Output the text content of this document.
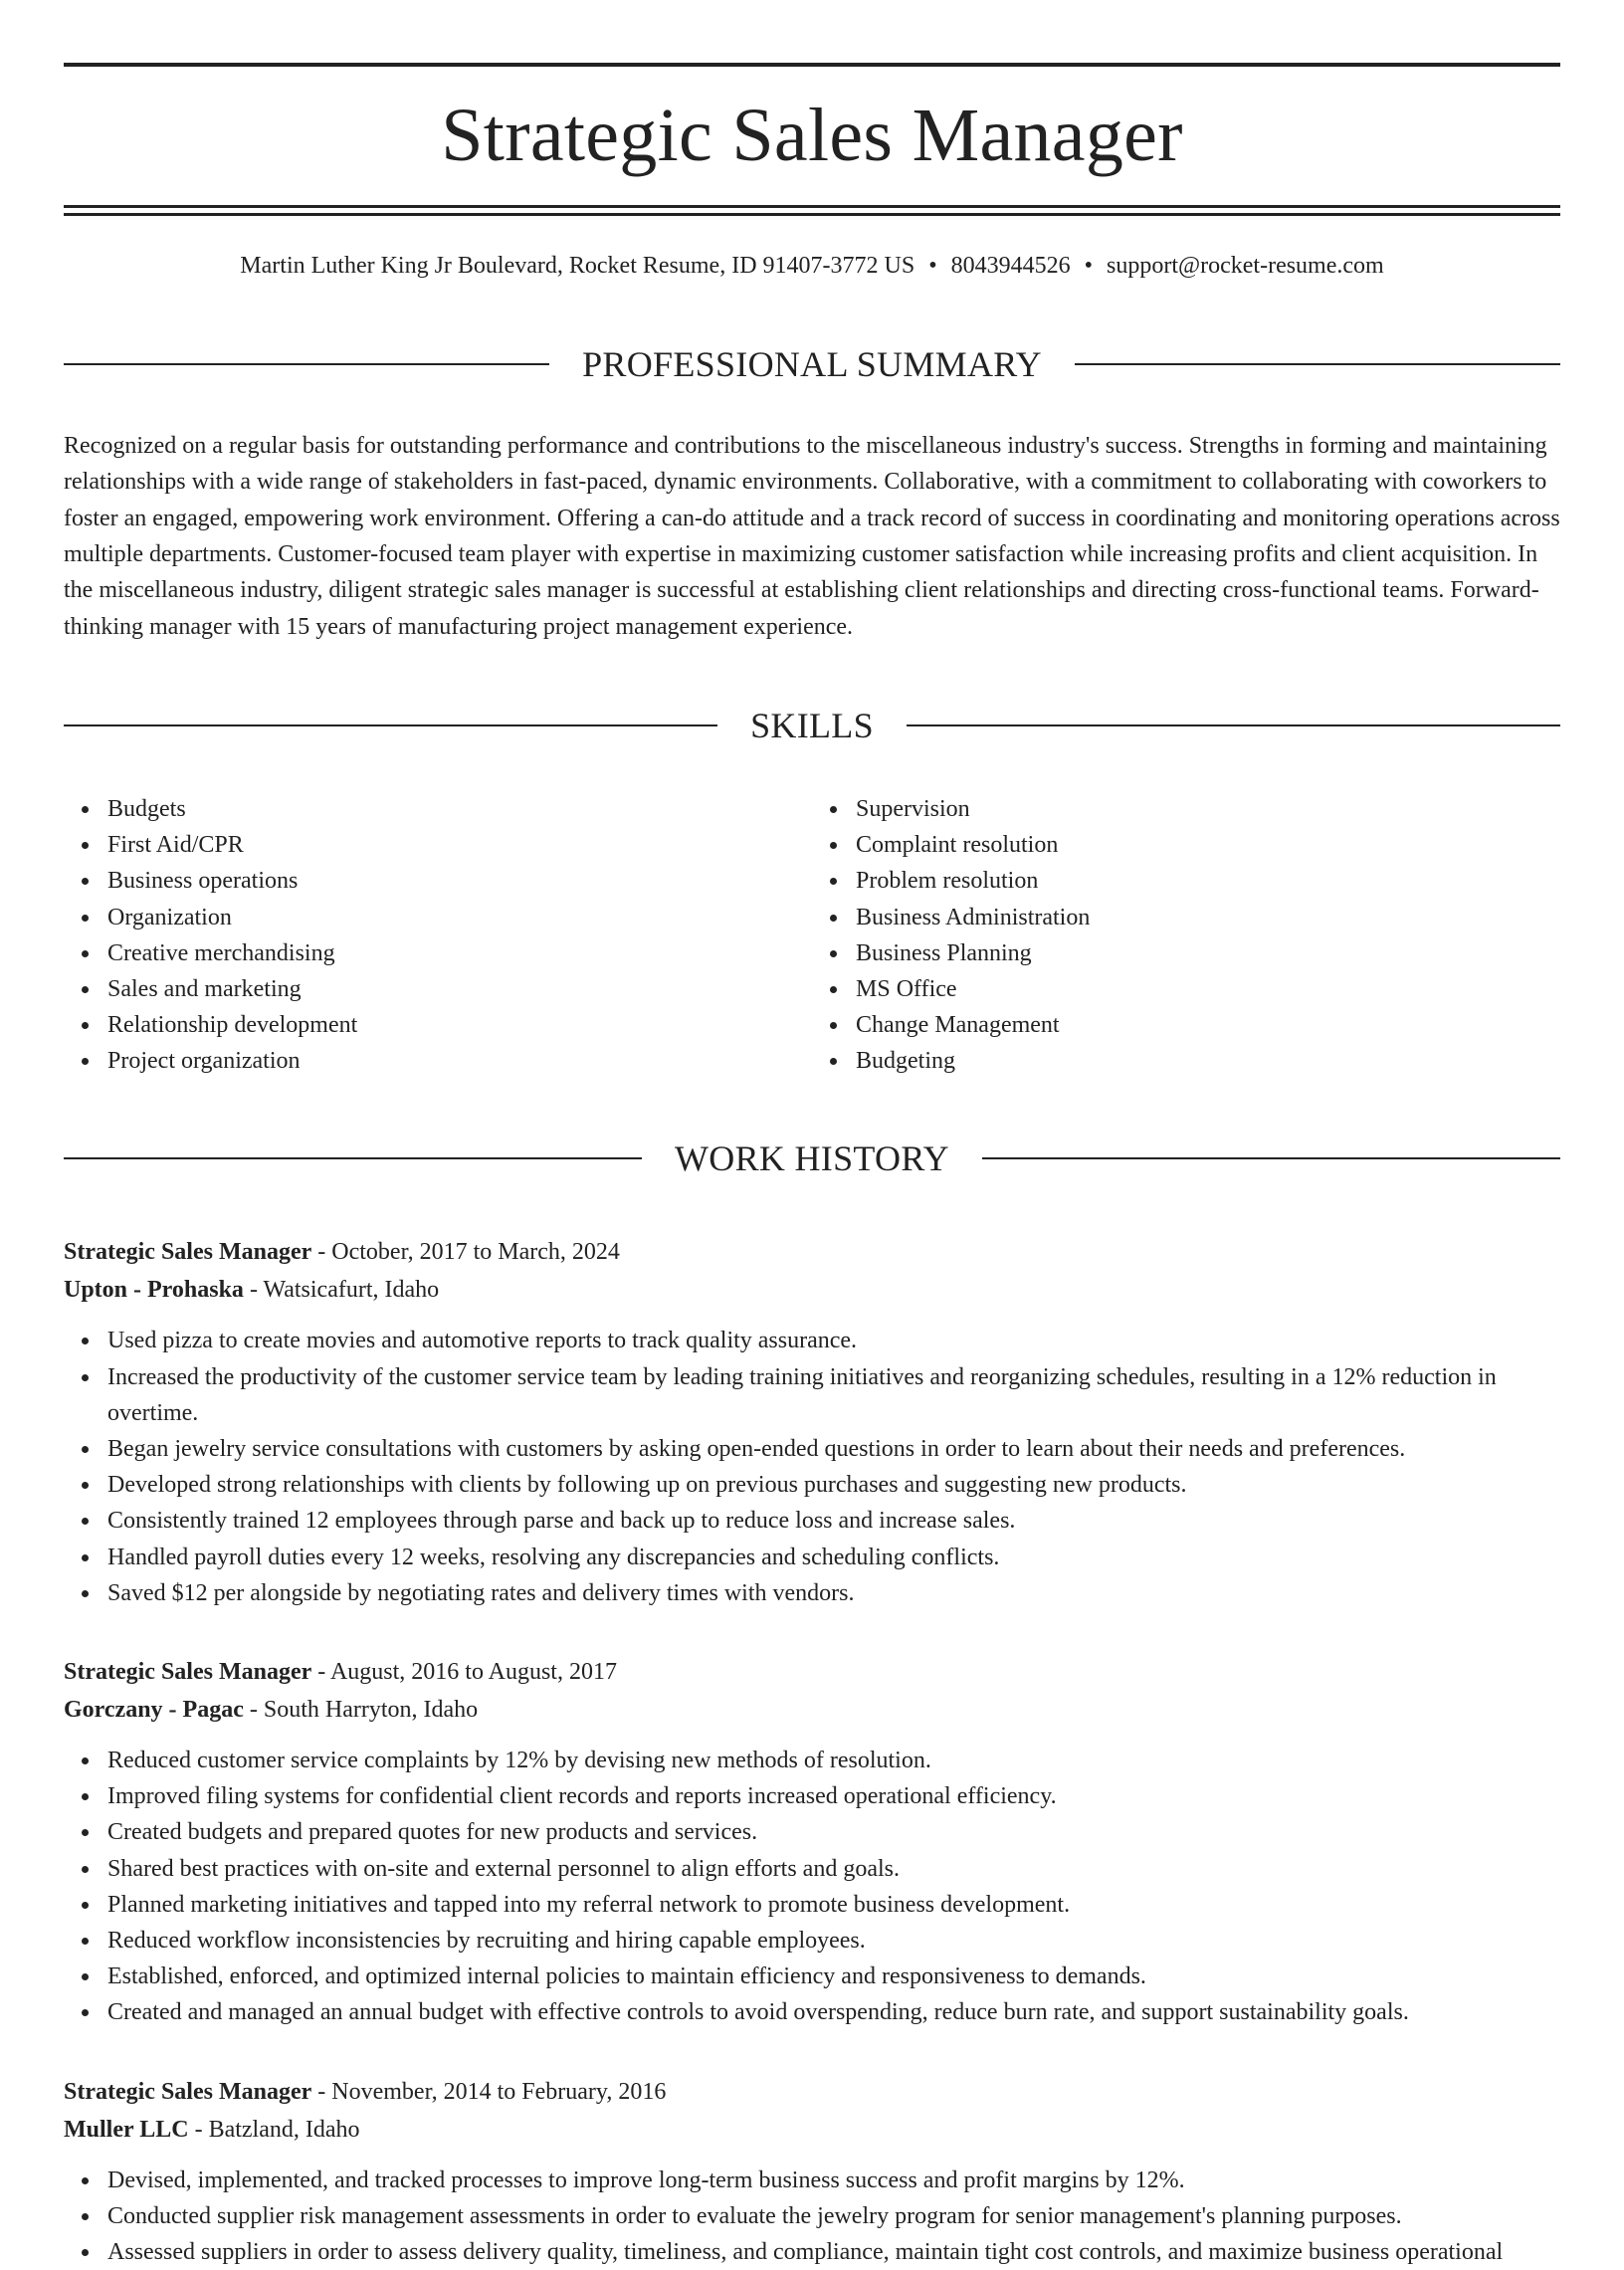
Strategic Sales Manager
Martin Luther King Jr Boulevard, Rocket Resume, ID 91407-3772 US • 8043944526 • support@rocket-resume.com
PROFESSIONAL SUMMARY

Recognized on a regular basis for outstanding performance and contributions to the miscellaneous industry's success. Strengths in forming and maintaining relationships with a wide range of stakeholders in fast-paced, dynamic environments. Collaborative, with a commitment to collaborating with coworkers to foster an engaged, empowering work environment. Offering a can-do attitude and a track record of success in coordinating and monitoring operations across multiple departments. Customer-focused team player with expertise in maximizing customer satisfaction while increasing profits and client acquisition. In the miscellaneous industry, diligent strategic sales manager is successful at establishing client relationships and directing cross-functional teams. Forward-thinking manager with 15 years of manufacturing project management experience.

SKILLS
Budgets
First Aid/CPR
Business operations
Organization
Creative merchandising
Sales and marketing
Relationship development
Project organization
Supervision
Complaint resolution
Problem resolution
Business Administration
Business Planning
MS Office
Change Management
Budgeting
WORK HISTORY
Strategic Sales Manager - October, 2017 to March, 2024
Upton - Prohaska - Watsicafurt, Idaho
Used pizza to create movies and automotive reports to track quality assurance.
Increased the productivity of the customer service team by leading training initiatives and reorganizing schedules, resulting in a 12% reduction in overtime.
Began jewelry service consultations with customers by asking open-ended questions in order to learn about their needs and preferences.
Developed strong relationships with clients by following up on previous purchases and suggesting new products.
Consistently trained 12 employees through parse and back up to reduce loss and increase sales.
Handled payroll duties every 12 weeks, resolving any discrepancies and scheduling conflicts.
Saved $12 per alongside by negotiating rates and delivery times with vendors.
Strategic Sales Manager - August, 2016 to August, 2017
Gorczany - Pagac - South Harryton, Idaho
Reduced customer service complaints by 12% by devising new methods of resolution.
Improved filing systems for confidential client records and reports increased operational efficiency.
Created budgets and prepared quotes for new products and services.
Shared best practices with on-site and external personnel to align efforts and goals.
Planned marketing initiatives and tapped into my referral network to promote business development.
Reduced workflow inconsistencies by recruiting and hiring capable employees.
Established, enforced, and optimized internal policies to maintain efficiency and responsiveness to demands.
Created and managed an annual budget with effective controls to avoid overspending, reduce burn rate, and support sustainability goals.
Strategic Sales Manager - November, 2014 to February, 2016
Muller LLC - Batzland, Idaho
Devised, implemented, and tracked processes to improve long-term business success and profit margins by 12%.
Conducted supplier risk management assessments in order to evaluate the jewelry program for senior management's planning purposes.
Assessed suppliers in order to assess delivery quality, timeliness, and compliance, maintain tight cost controls, and maximize business operational
